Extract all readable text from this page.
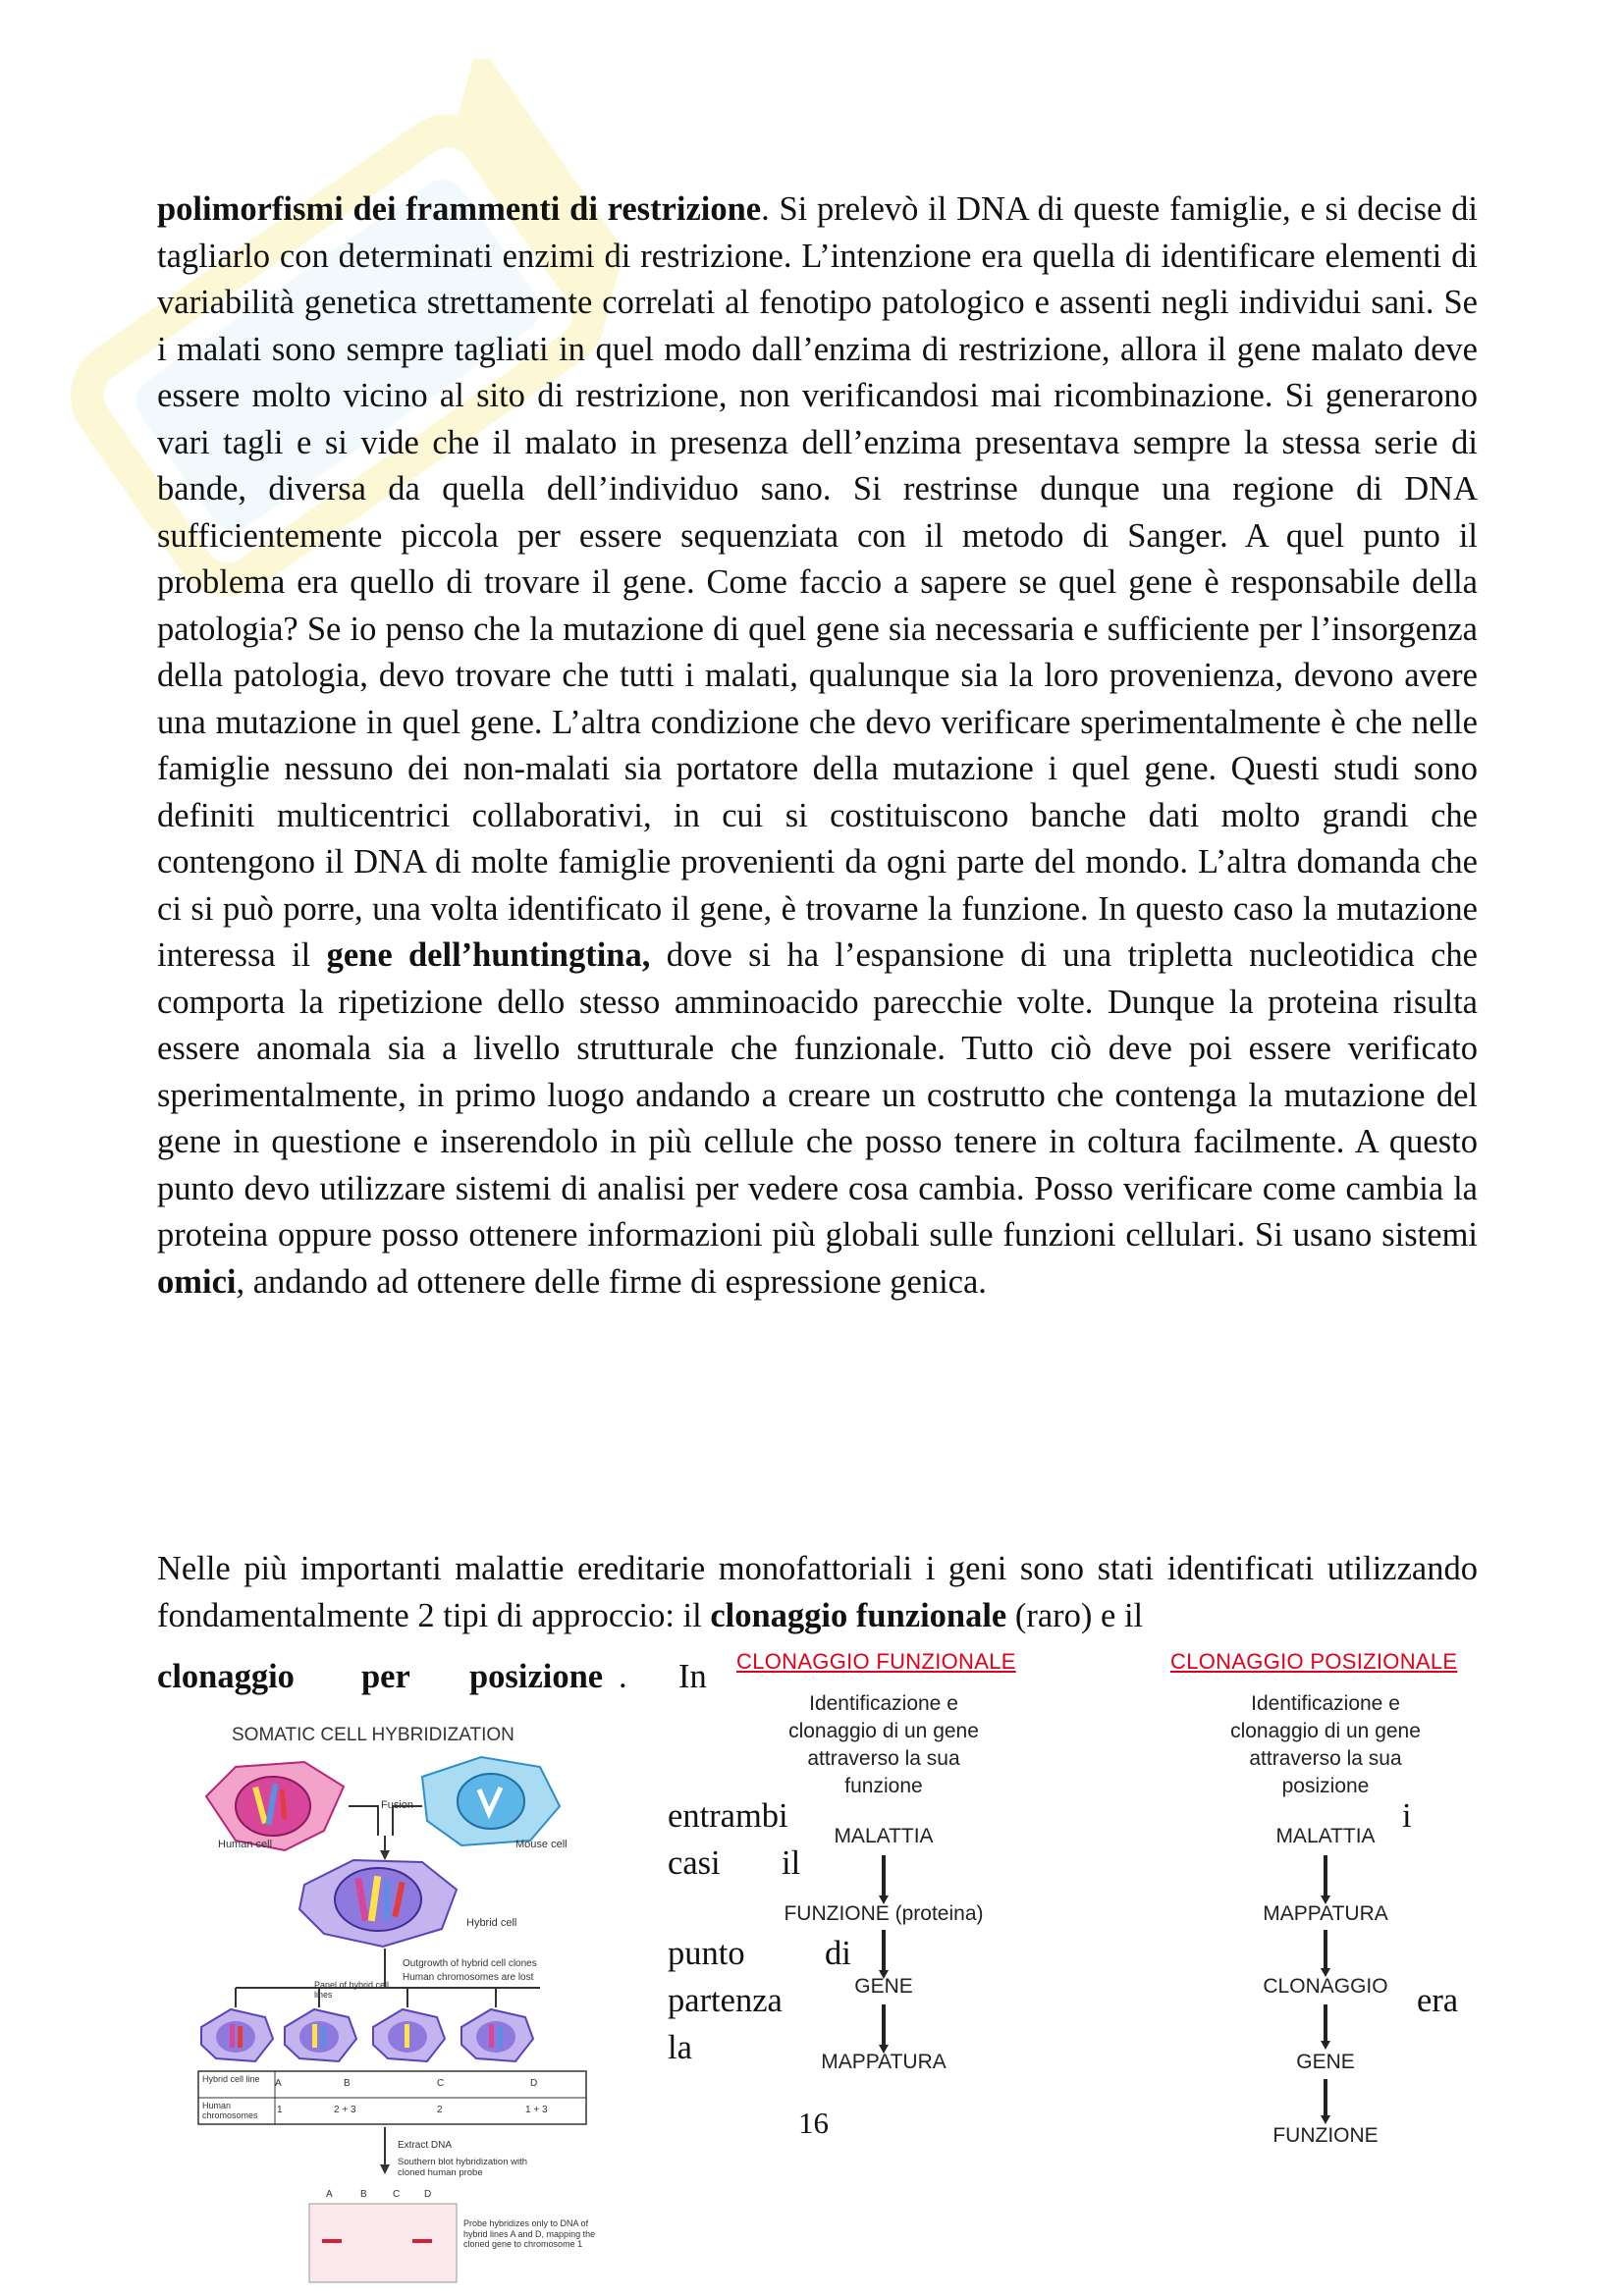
polimorfismi dei frammenti di restrizione. Si prelevò il DNA di queste famiglie, e si decise di tagliarlo con determinati enzimi di restrizione. L’intenzione era quella di identificare elementi di variabilità genetica strettamente correlati al fenotipo patologico e assenti negli individui sani. Se i malati sono sempre tagliati in quel modo dall’enzima di restrizione, allora il gene malato deve essere molto vicino al sito di restrizione, non verificandosi mai ricombinazione. Si generarono vari tagli e si vide che il malato in presenza dell’enzima presentava sempre la stessa serie di bande, diversa da quella dell’individuo sano. Si restrinse dunque una regione di DNA sufficientemente piccola per essere sequenziata con il metodo di Sanger. A quel punto il problema era quello di trovare il gene. Come faccio a sapere se quel gene è responsabile della patologia? Se io penso che la mutazione di quel gene sia necessaria e sufficiente per l’insorgenza della patologia, devo trovare che tutti i malati, qualunque sia la loro provenienza, devono avere una mutazione in quel gene. L’altra condizione che devo verificare sperimentalmente è che nelle famiglie nessuno dei non-malati sia portatore della mutazione i quel gene. Questi studi sono definiti multicentrici collaborativi, in cui si costituiscono banche dati molto grandi che contengono il DNA di molte famiglie provenienti da ogni parte del mondo. L’altra domanda che ci si può porre, una volta identificato il gene, è trovarne la funzione. In questo caso la mutazione interessa il gene dell’huntingtina, dove si ha l’espansione di una tripletta nucleotidica che comporta la ripetizione dello stesso amminoacido parecchie volte. Dunque la proteina risulta essere anomala sia a livello strutturale che funzionale. Tutto ciò deve poi essere verificato sperimentalmente, in primo luogo andando a creare un costrutto che contenga la mutazione del gene in questione e inserendolo in più cellule che posso tenere in coltura facilmente. A questo punto devo utilizzare sistemi di analisi per vedere cosa cambia. Posso verificare come cambia la proteina oppure posso ottenere informazioni più globali sulle funzioni cellulari. Si usano sistemi omici, andando ad ottenere delle firme di espressione genica.

Nelle più importanti malattie ereditarie monofattoriali i geni sono stati identificati utilizzando fondamentalmente 2 tipi di approccio: il clonaggio funzionale (raro) e il

clonaggio per posizione . In
entrambi
casi il
i
punto di
partenza	era
la
CLONAGGIO FUNZIONALE
Identificazione e
clonaggio di un gene
attraverso la sua
funzione
MALATTIA
FUNZIONE (proteina)
GENE
MAPPATURA
CLONAGGIO POSIZIONALE
Identificazione e
clonaggio di un gene
attraverso la sua
posizione
MALATTIA
MAPPATURA
CLONAGGIO
GENE
FUNZIONE
SOMATIC CELL HYBRIDIZATION
Fusion
Human cell	Mouse cell
Hybrid cell
Outgrowth of hybrid cell clones
Human chromosomes are lost
Panel of hybrid cell lines
Hybrid cell line	A	B	C	D
Human chromosomes	1	2 + 3	2	1 + 3
Extract DNA
Southern blot hybridization with cloned human probe
A	B	C D
Probe hybridizes only to DNA of hybrid lines A and D, mapping the cloned gene to chromosome 1
16
